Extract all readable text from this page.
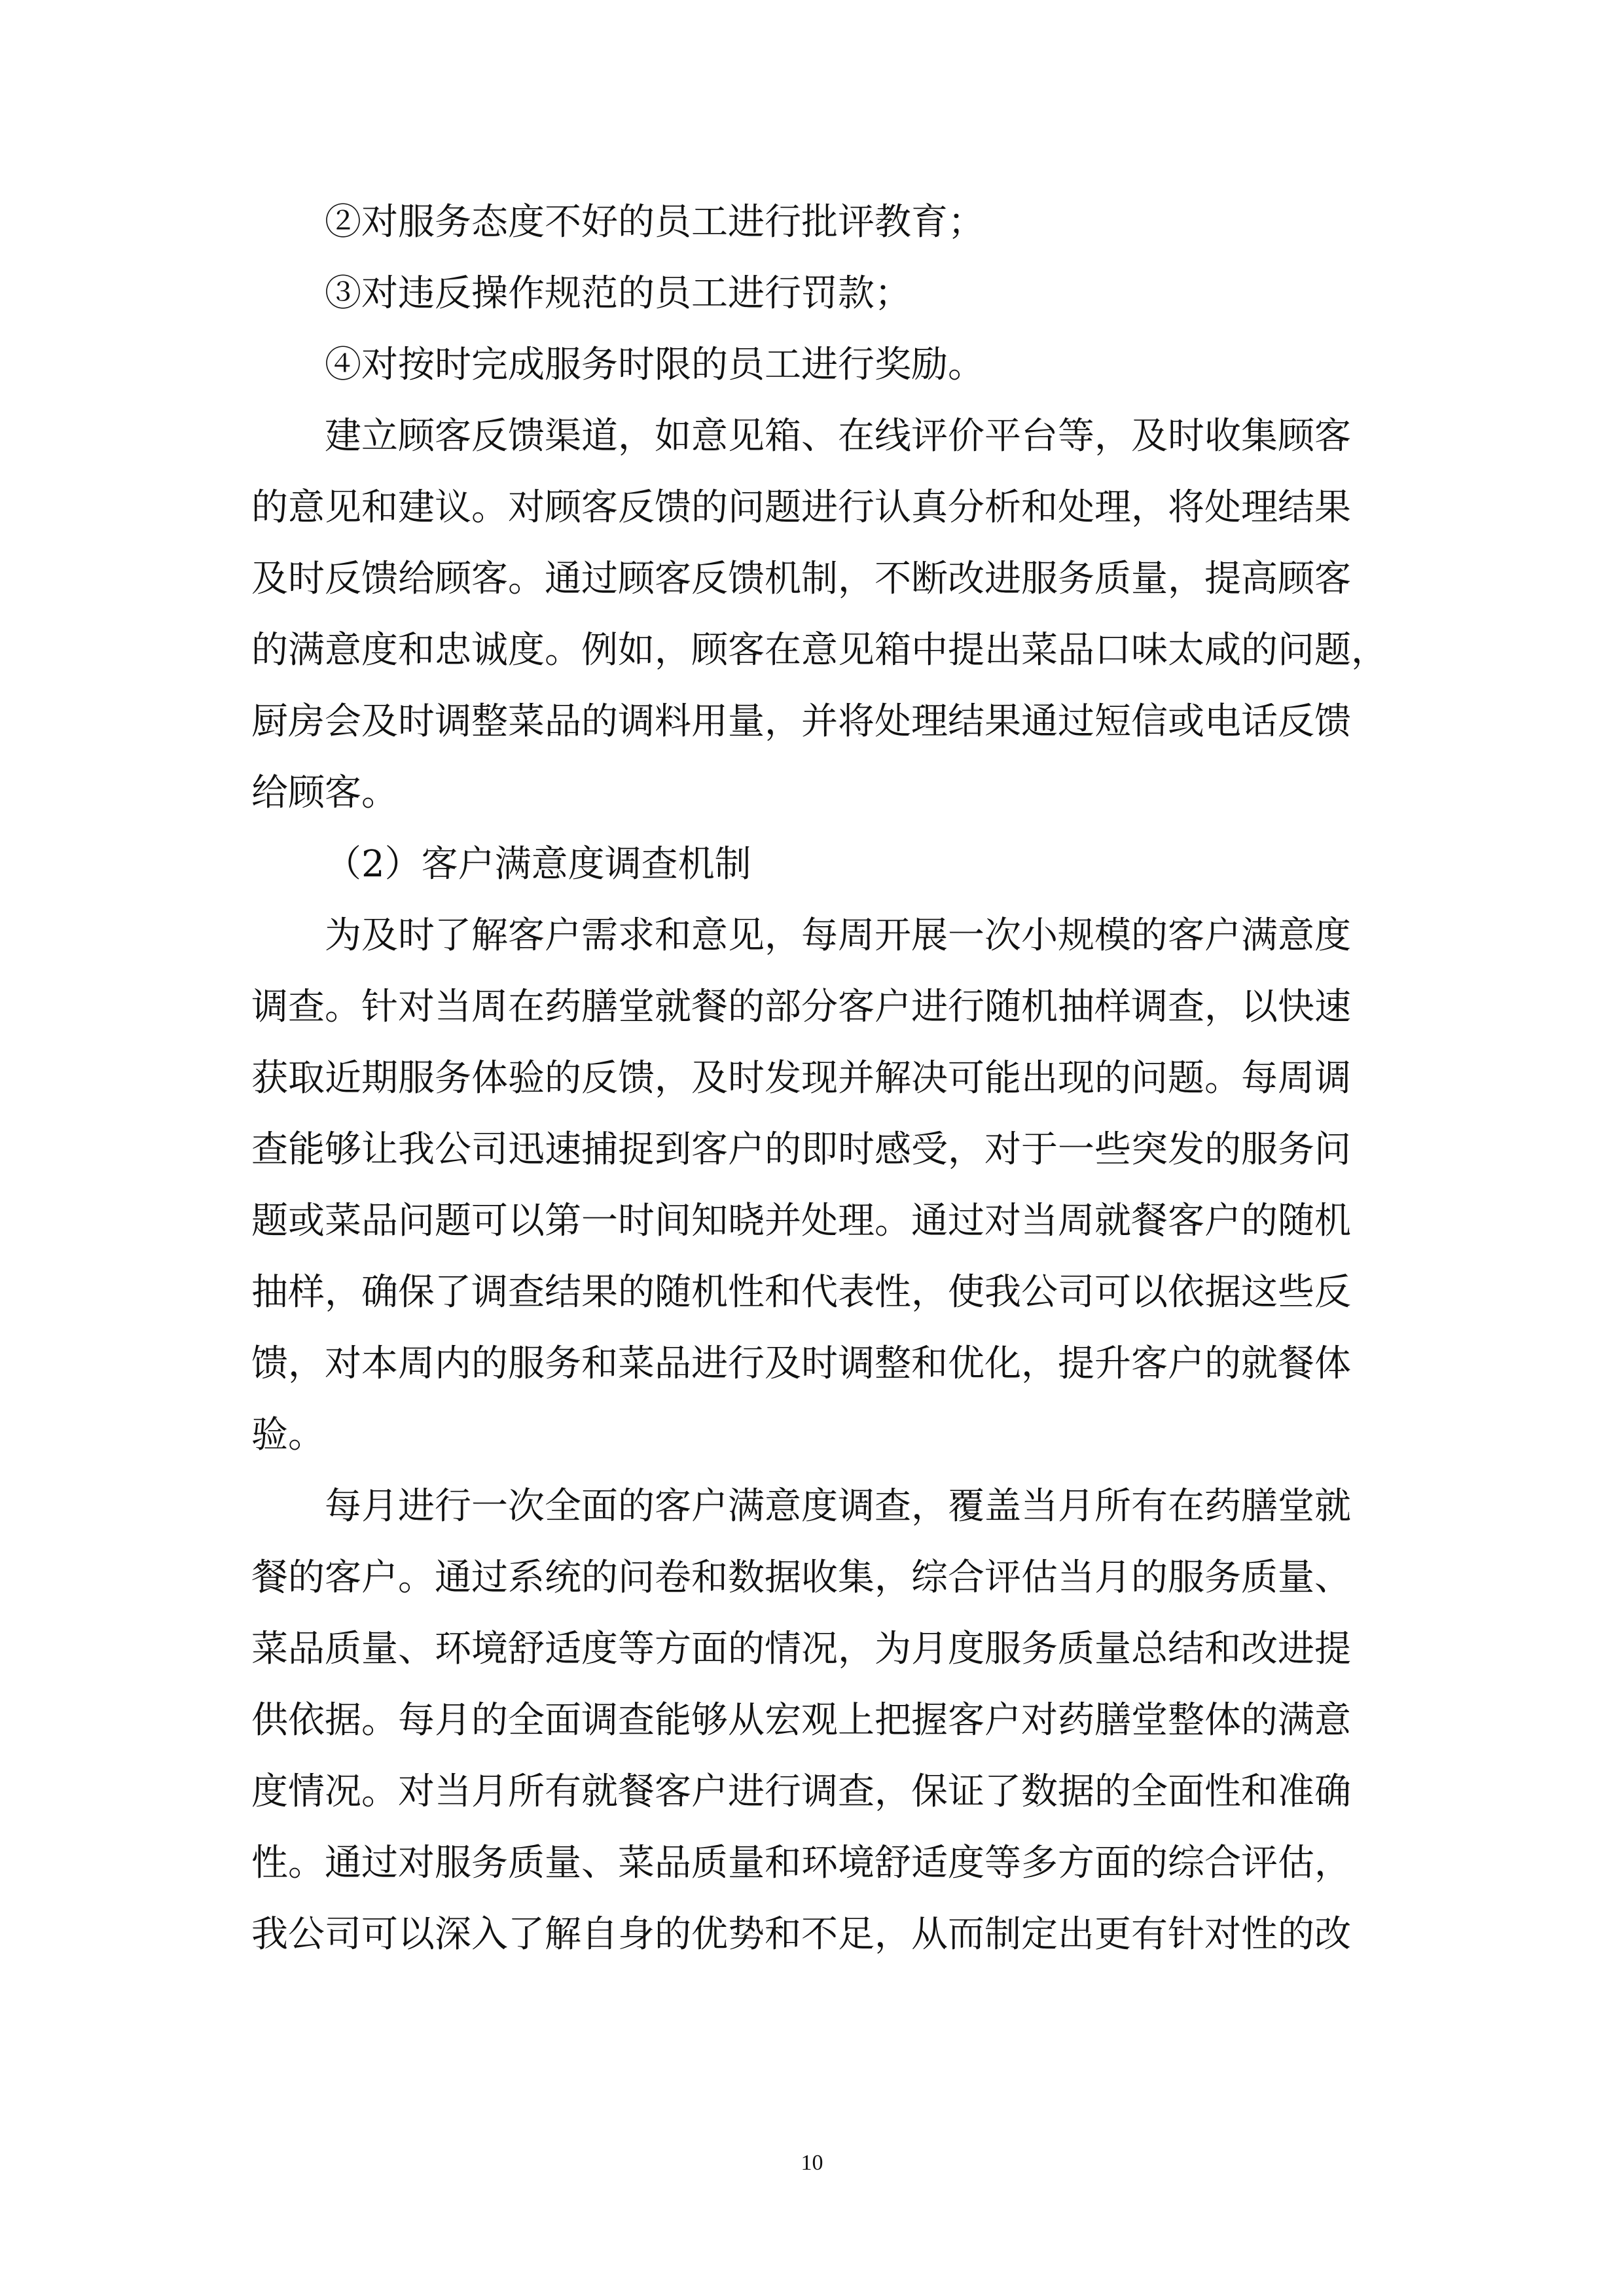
②对服务态度不好的员工进行批评教育；
③对违反操作规范的员工进行罚款；
④对按时完成服务时限的员工进行奖励。
建立顾客反馈渠道，如意见箱、在线评价平台等，及时收集顾客
的意见和建议。对顾客反馈的问题进行认真分析和处理，将处理结果
及时反馈给顾客。通过顾客反馈机制，不断改进服务质量，提高顾客
的满意度和忠诚度。例如，顾客在意见箱中提出菜品口味太咸的问题，
厨房会及时调整菜品的调料用量，并将处理结果通过短信或电话反馈
给顾客。
（2）客户满意度调查机制
为及时了解客户需求和意见，每周开展一次小规模的客户满意度
调查。针对当周在药膳堂就餐的部分客户进行随机抽样调查，以快速
获取近期服务体验的反馈，及时发现并解决可能出现的问题。每周调
查能够让我公司迅速捕捉到客户的即时感受，对于一些突发的服务问
题或菜品问题可以第一时间知晓并处理。通过对当周就餐客户的随机
抽样，确保了调查结果的随机性和代表性，使我公司可以依据这些反
馈，对本周内的服务和菜品进行及时调整和优化，提升客户的就餐体
验。
每月进行一次全面的客户满意度调查，覆盖当月所有在药膳堂就
餐的客户。通过系统的问卷和数据收集，综合评估当月的服务质量、
菜品质量、环境舒适度等方面的情况，为月度服务质量总结和改进提
供依据。每月的全面调查能够从宏观上把握客户对药膳堂整体的满意
度情况。对当月所有就餐客户进行调查，保证了数据的全面性和准确
性。通过对服务质量、菜品质量和环境舒适度等多方面的综合评估，
我公司可以深入了解自身的优势和不足，从而制定出更有针对性的改
10
